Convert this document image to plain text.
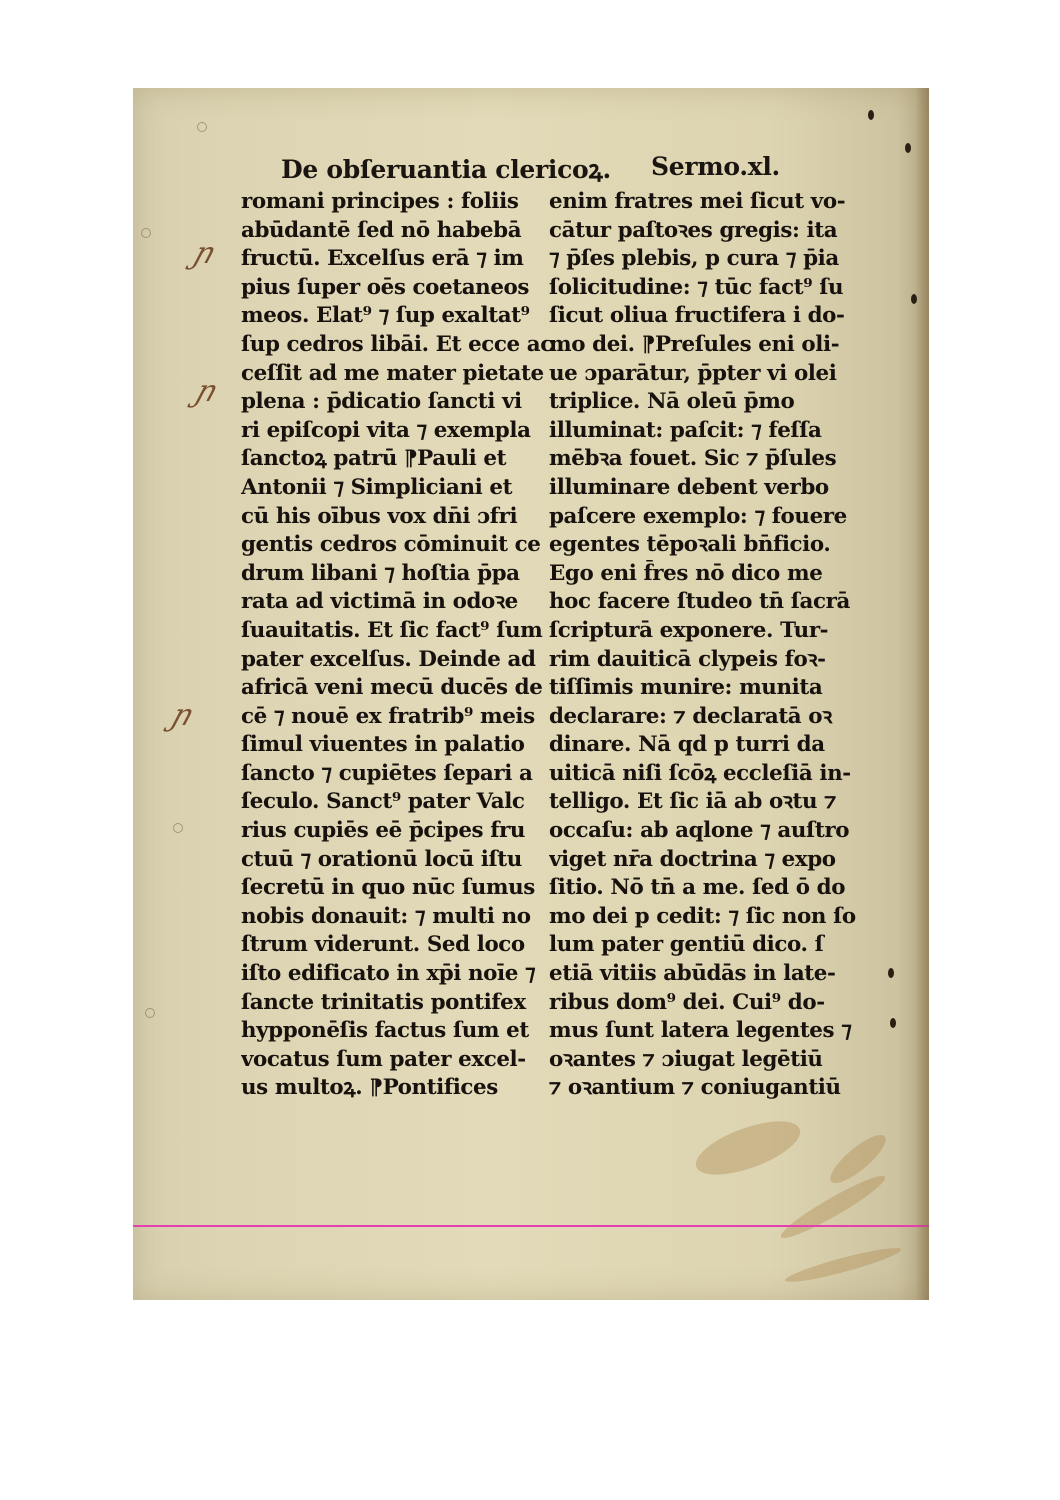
ɲ
ɲ
ɲ
De obſeruantia clericoꝝ. Sermo.xl.
romani principes : foliis
abūdantē ſed nō habebā
fructū. Excelſus erā ⁊ im
pius ſuper oēs coetaneos
meos. Elat⁹ ⁊ ſup exaltat⁹
ſup cedros libāi. Et ecce ac
ceſſit ad me mater pietate
plena : p̄dicatio ſancti vi
ri epiſcopi vita ⁊ exempla
ſanctoꝝ patrū ⁋Pauli et
Antonii ⁊ Simpliciani et
cū his oībus vox dn̄i ɔfri
gentis cedros cōminuit ce
drum libani ⁊ hoſtia p̄pa
rata ad victimā in odoꝛe
ſuauitatis. Et ſic fact⁹ ſum
pater excelſus. Deinde ad
africā veni mecū ducēs de
cē ⁊ nouē ex fratrib⁹ meis
ſimul viuentes in palatio
ſancto ⁊ cupiētes ſepari a
ſeculo. Sanct⁹ pater Valc
rius cupiēs eē p̄cipes fru
ctuū ⁊ orationū locū iſtu
ſecretū in quo nūc ſumus
nobis donauit: ⁊ multi no
ſtrum viderunt. Sed loco
iſto edificato in xp̄i noīe ⁊
ſancte trinitatis pontifex
hypponēſis factus ſum et
vocatus ſum pater excel-
us multoꝝ. ⁋Pontifices
enim fratres mei ſicut vo-
cātur paſtoꝛes gregis: ita
⁊ p̄ſes plebis, p cura ⁊ p̄ia
ſolicitudine: ⁊ tūc fact⁹ ſu
ſicut oliua fructifera i do-
mo dei. ⁋Preſules eni oli-
ue ɔparātur, p̄pter vi olei
triplice. Nā oleū p̄mo
illuminat: paſcit: ⁊ feſſa
mēbꝛa fouet. Sic ⁊ p̄ſules
illuminare debent verbo
paſcere exemplo: ⁊ fouere
egentes tēpoꝛali bn̄ficio.
Ego eni f̄res nō dico me
hoc facere ſtudeo tn̄ ſacrā
ſcripturā exponere. Tur-
rim dauiticā clypeis foꝛ-
tiſſimis munire: munita
declarare: ⁊ declaratā oꝛ
dinare. Nā qd p turri da
uiticā niſi ſcōꝝ eccleſiā in-
telligo. Et ſic iā ab oꝛtu ⁊
occaſu: ab aqlone ⁊ auſtro
viget nr̄a doctrina ⁊ expo
ſitio. Nō tn̄ a me. ſed ō do
mo dei p cedit: ⁊ ſic non ſo
lum pater gentiū dico. ſ
etiā vitiis abūdās in late-
ribus dom⁹ dei. Cui⁹ do-
mus ſunt latera legentes ⁊
oꝛantes ⁊ ɔiugat legētiū
⁊ oꝛantium ⁊ coniugantiū
